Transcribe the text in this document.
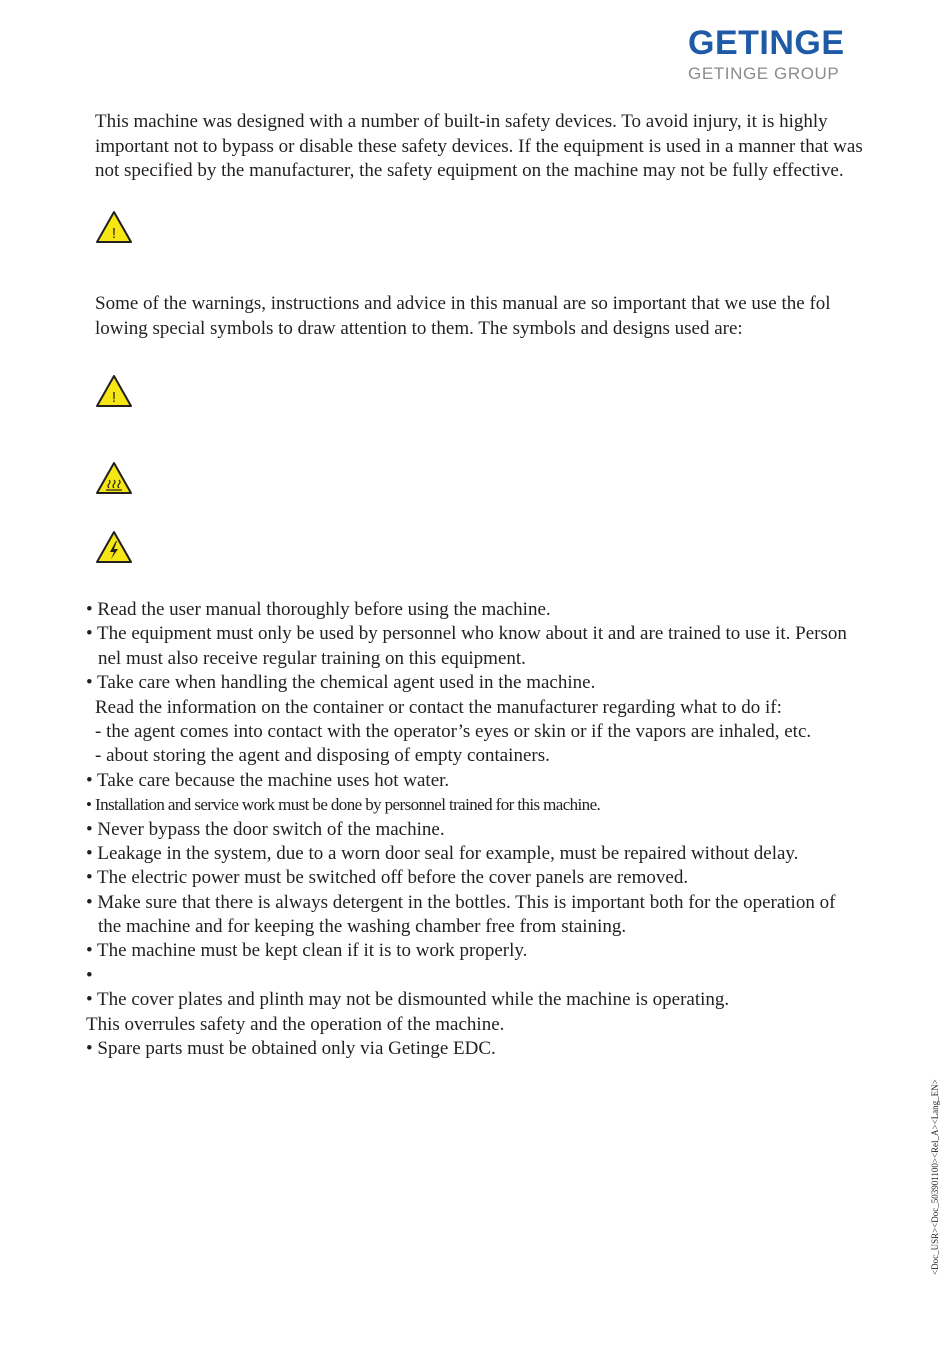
GETINGE
GETINGE GROUP

This machine was designed with a number of built-in safety devices. To avoid injury, it is highly

important not to bypass or disable these safety devices. If the equipment is used in a manner that was

not specified by the manufacturer, the safety equipment on the machine may not be fully effective.

!

Some of the warnings, instructions and advice in this manual are so important that we use the fol

lowing special symbols to draw attention to them. The symbols and designs used are:

!
• Read the user manual thoroughly before using the machine.
• The equipment must only be used by personnel who know about it and are trained to use it. Person
nel must also receive regular training on this equipment.
• Take care when handling the chemical agent used in the machine.
Read the information on the container or contact the manufacturer regarding what to do if:
- the agent comes into contact with the operator’s eyes or skin or if the vapors are inhaled, etc.
- about storing the agent and disposing of empty containers.
• Take care because the machine uses hot water.
• Installation and service work must be done by personnel trained for this machine.
• Never bypass the door switch of the machine.
• Leakage in the system, due to a worn door seal for example, must be repaired without delay.
• The electric power must be switched off before the cover panels are removed.
• Make sure that there is always detergent in the bottles. This is important both for the operation of
the machine and for keeping the washing chamber free from staining.
• The machine must be kept clean if it is to work properly.
•
• The cover plates and plinth may not be dismounted while the machine is operating.
This overrules safety and the operation of the machine.
• Spare parts must be obtained only via Getinge EDC.
<Doc_USR><Doc_503901100><Rel_A><Lang_EN>
